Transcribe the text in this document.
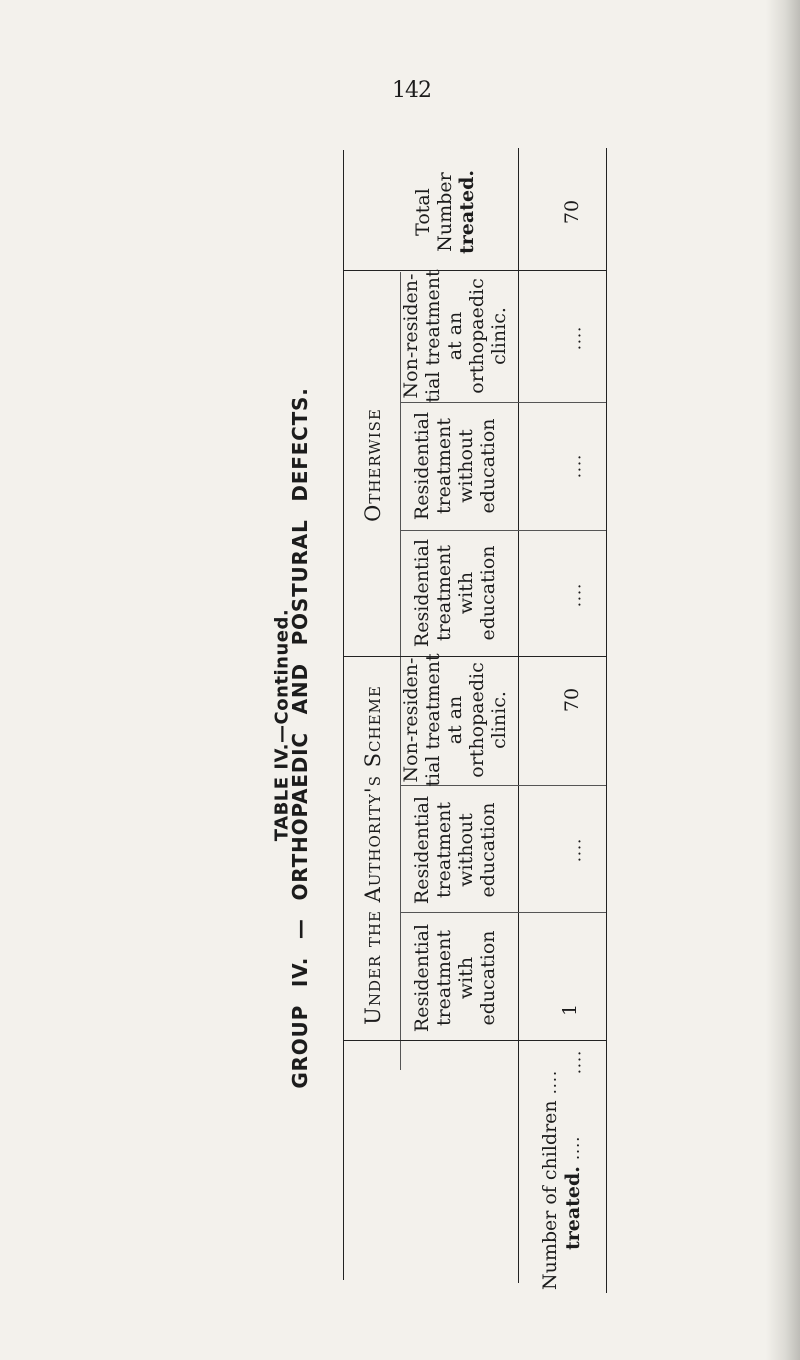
142
TABLE IV.—Continued.
GROUP IV. — ORTHOPAEDIC AND POSTURAL DEFECTS. Under the Authority's Scheme
Otherwise
Residential treatment with education
Residential treatment without education
Non-residen- tial treatment at an orthopaedic clinic.
Residential treatment with education
Residential treatment without education
Non-residen- tial treatment at an orthopaedic clinic.
Total Number treated.
Number of children ....
treated. ....
....
1
....
70
....
....
....
70
